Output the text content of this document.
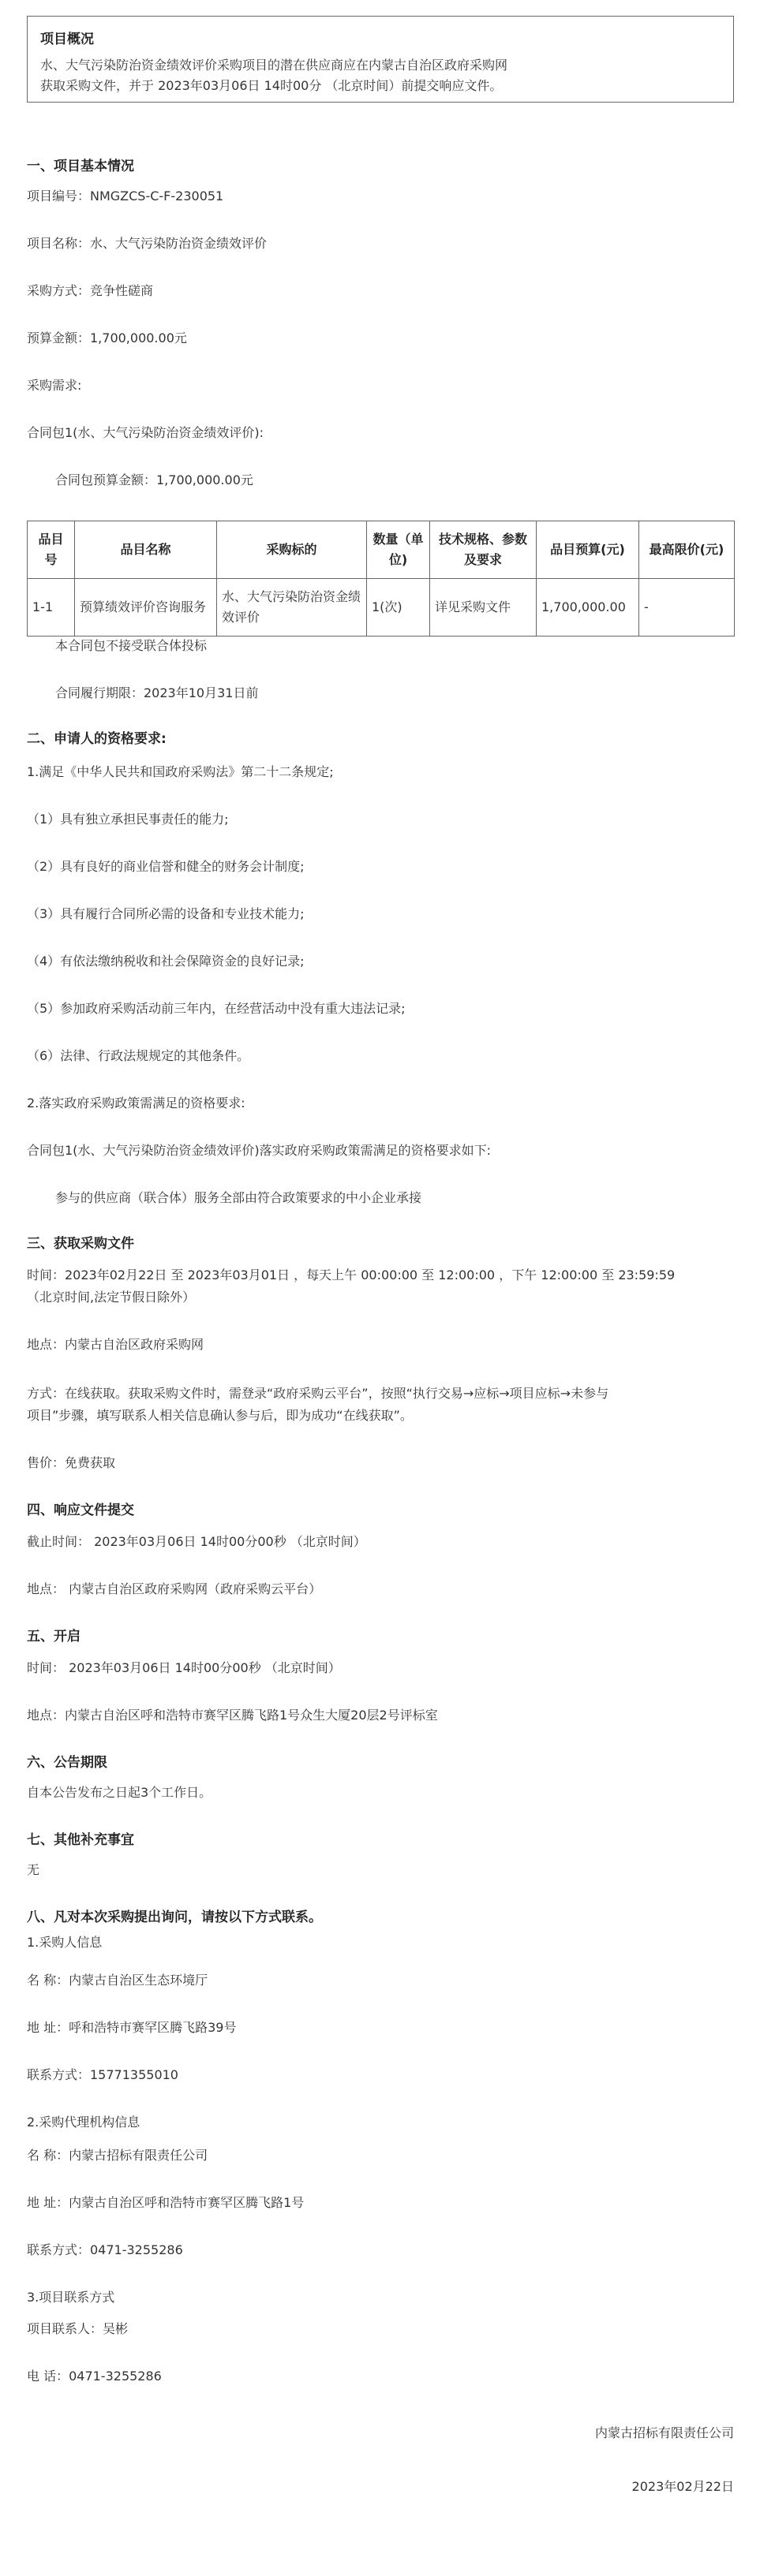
项目概况

水、大气污染防治资金绩效评价采购项目的潜在供应商应在内蒙古自治区政府采购网

获取采购文件，并于 2023年03月06日 14时00分 （北京时间）前提交响应文件。

一、项目基本情况
项目编号：NMGZCS-C-F-230051
项目名称：水、大气污染防治资金绩效评价
采购方式：竞争性磋商
预算金额：1,700,000.00元
采购需求:
合同包1(水、大气污染防治资金绩效评价):
合同包预算金额：1,700,000.00元
品目号	品目名称	采购标的	数量（单位)	技术规格、参数及要求	品目预算(元)	最高限价(元)
1-1	预算绩效评价咨询服务	水、大气污染防治资金绩效评价	1(次)	详见采购文件	1,700,000.00	-
本合同包不接受联合体投标
合同履行期限：2023年10月31日前
二、申请人的资格要求:
1.满足《中华人民共和国政府采购法》第二十二条规定;
（1）具有独立承担民事责任的能力;
（2）具有良好的商业信誉和健全的财务会计制度;
（3）具有履行合同所必需的设备和专业技术能力;
（4）有依法缴纳税收和社会保障资金的良好记录;
（5）参加政府采购活动前三年内，在经营活动中没有重大违法记录;
（6）法律、行政法规规定的其他条件。
2.落实政府采购政策需满足的资格要求:
合同包1(水、大气污染防治资金绩效评价)落实政府采购政策需满足的资格要求如下:
参与的供应商（联合体）服务全部由符合政策要求的中小企业承接
三、获取采购文件
时间：2023年02月22日 至 2023年03月01日 ，每天上午 00:00:00 至 12:00:00 ，下午 12:00:00 至 23:59:59
（北京时间,法定节假日除外）
地点：内蒙古自治区政府采购网
方式：在线获取。获取采购文件时，需登录“政府采购云平台”，按照“执行交易→应标→项目应标→未参与
项目”步骤，填写联系人相关信息确认参与后，即为成功“在线获取”。
售价：免费获取
四、响应文件提交
截止时间： 2023年03月06日 14时00分00秒 （北京时间）
地点： 内蒙古自治区政府采购网（政府采购云平台）
五、开启
时间： 2023年03月06日 14时00分00秒 （北京时间）
地点：内蒙古自治区呼和浩特市赛罕区腾飞路1号众生大厦20层2号评标室
六、公告期限
自本公告发布之日起3个工作日。
七、其他补充事宜
无
八、凡对本次采购提出询问，请按以下方式联系。
1.采购人信息
名 称：内蒙古自治区生态环境厅
地 址：呼和浩特市赛罕区腾飞路39号
联系方式：15771355010
2.采购代理机构信息
名 称：内蒙古招标有限责任公司
地 址：内蒙古自治区呼和浩特市赛罕区腾飞路1号
联系方式：0471-3255286
3.项目联系方式
项目联系人：吴彬
电 话：0471-3255286
内蒙古招标有限责任公司
2023年02月22日
